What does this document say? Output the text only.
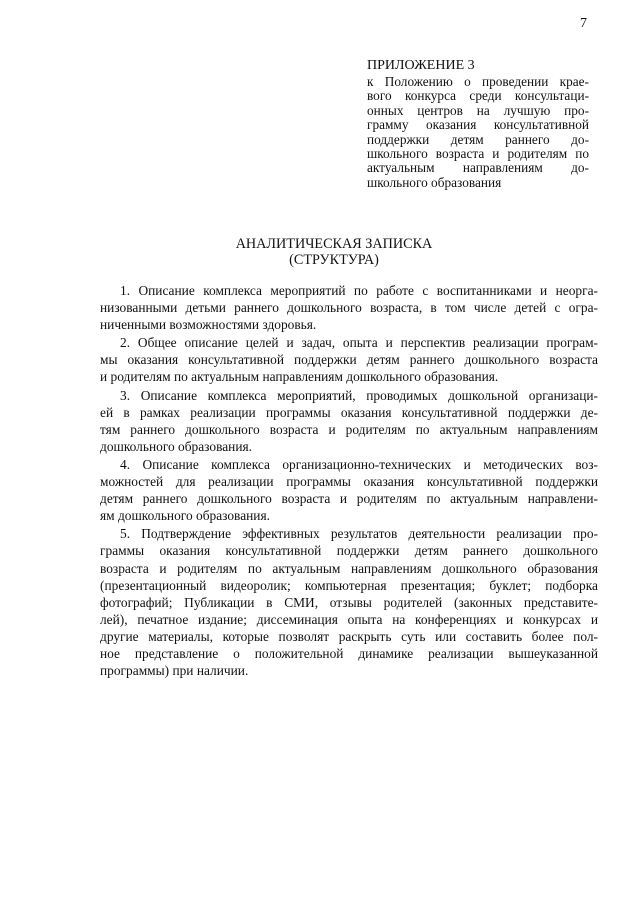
7
ПРИЛОЖЕНИЕ 3
к Положению о проведении крае-
вого конкурса среди консультаци-
онных центров на лучшую про-
грамму оказания консультативной
поддержки детям раннего до-
школьного возраста и родителям по
актуальным направлениям до-
школьного образования
АНАЛИТИЧЕСКАЯ ЗАПИСКА
(СТРУКТУРА)
1. Описание комплекса мероприятий по работе с воспитанниками и неорга-
низованными детьми раннего дошкольного возраста, в том числе детей с огра-
ниченными возможностями здоровья.
2. Общее описание целей и задач, опыта и перспектив реализации програм-
мы оказания консультативной поддержки детям раннего дошкольного возраста
и родителям по актуальным направлениям дошкольного образования.
3. Описание комплекса мероприятий, проводимых дошкольной организаци-
ей в рамках реализации программы оказания консультативной поддержки де-
тям раннего дошкольного возраста и родителям по актуальным направлениям
дошкольного образования.
4. Описание комплекса организационно-технических и методических воз-
можностей для реализации программы оказания консультативной поддержки
детям раннего дошкольного возраста и родителям по актуальным направлени-
ям дошкольного образования.
5. Подтверждение эффективных результатов деятельности реализации про-
граммы оказания консультативной поддержки детям раннего дошкольного
возраста и родителям по актуальным направлениям дошкольного образования
(презентационный видеоролик; компьютерная презентация; буклет; подборка
фотографий; Публикации в СМИ, отзывы родителей (законных представите-
лей), печатное издание; диссеминация опыта на конференциях и конкурсах и
другие материалы, которые позволят раскрыть суть или составить более пол-
ное представление о положительной динамике реализации вышеуказанной
программы) при наличии.
